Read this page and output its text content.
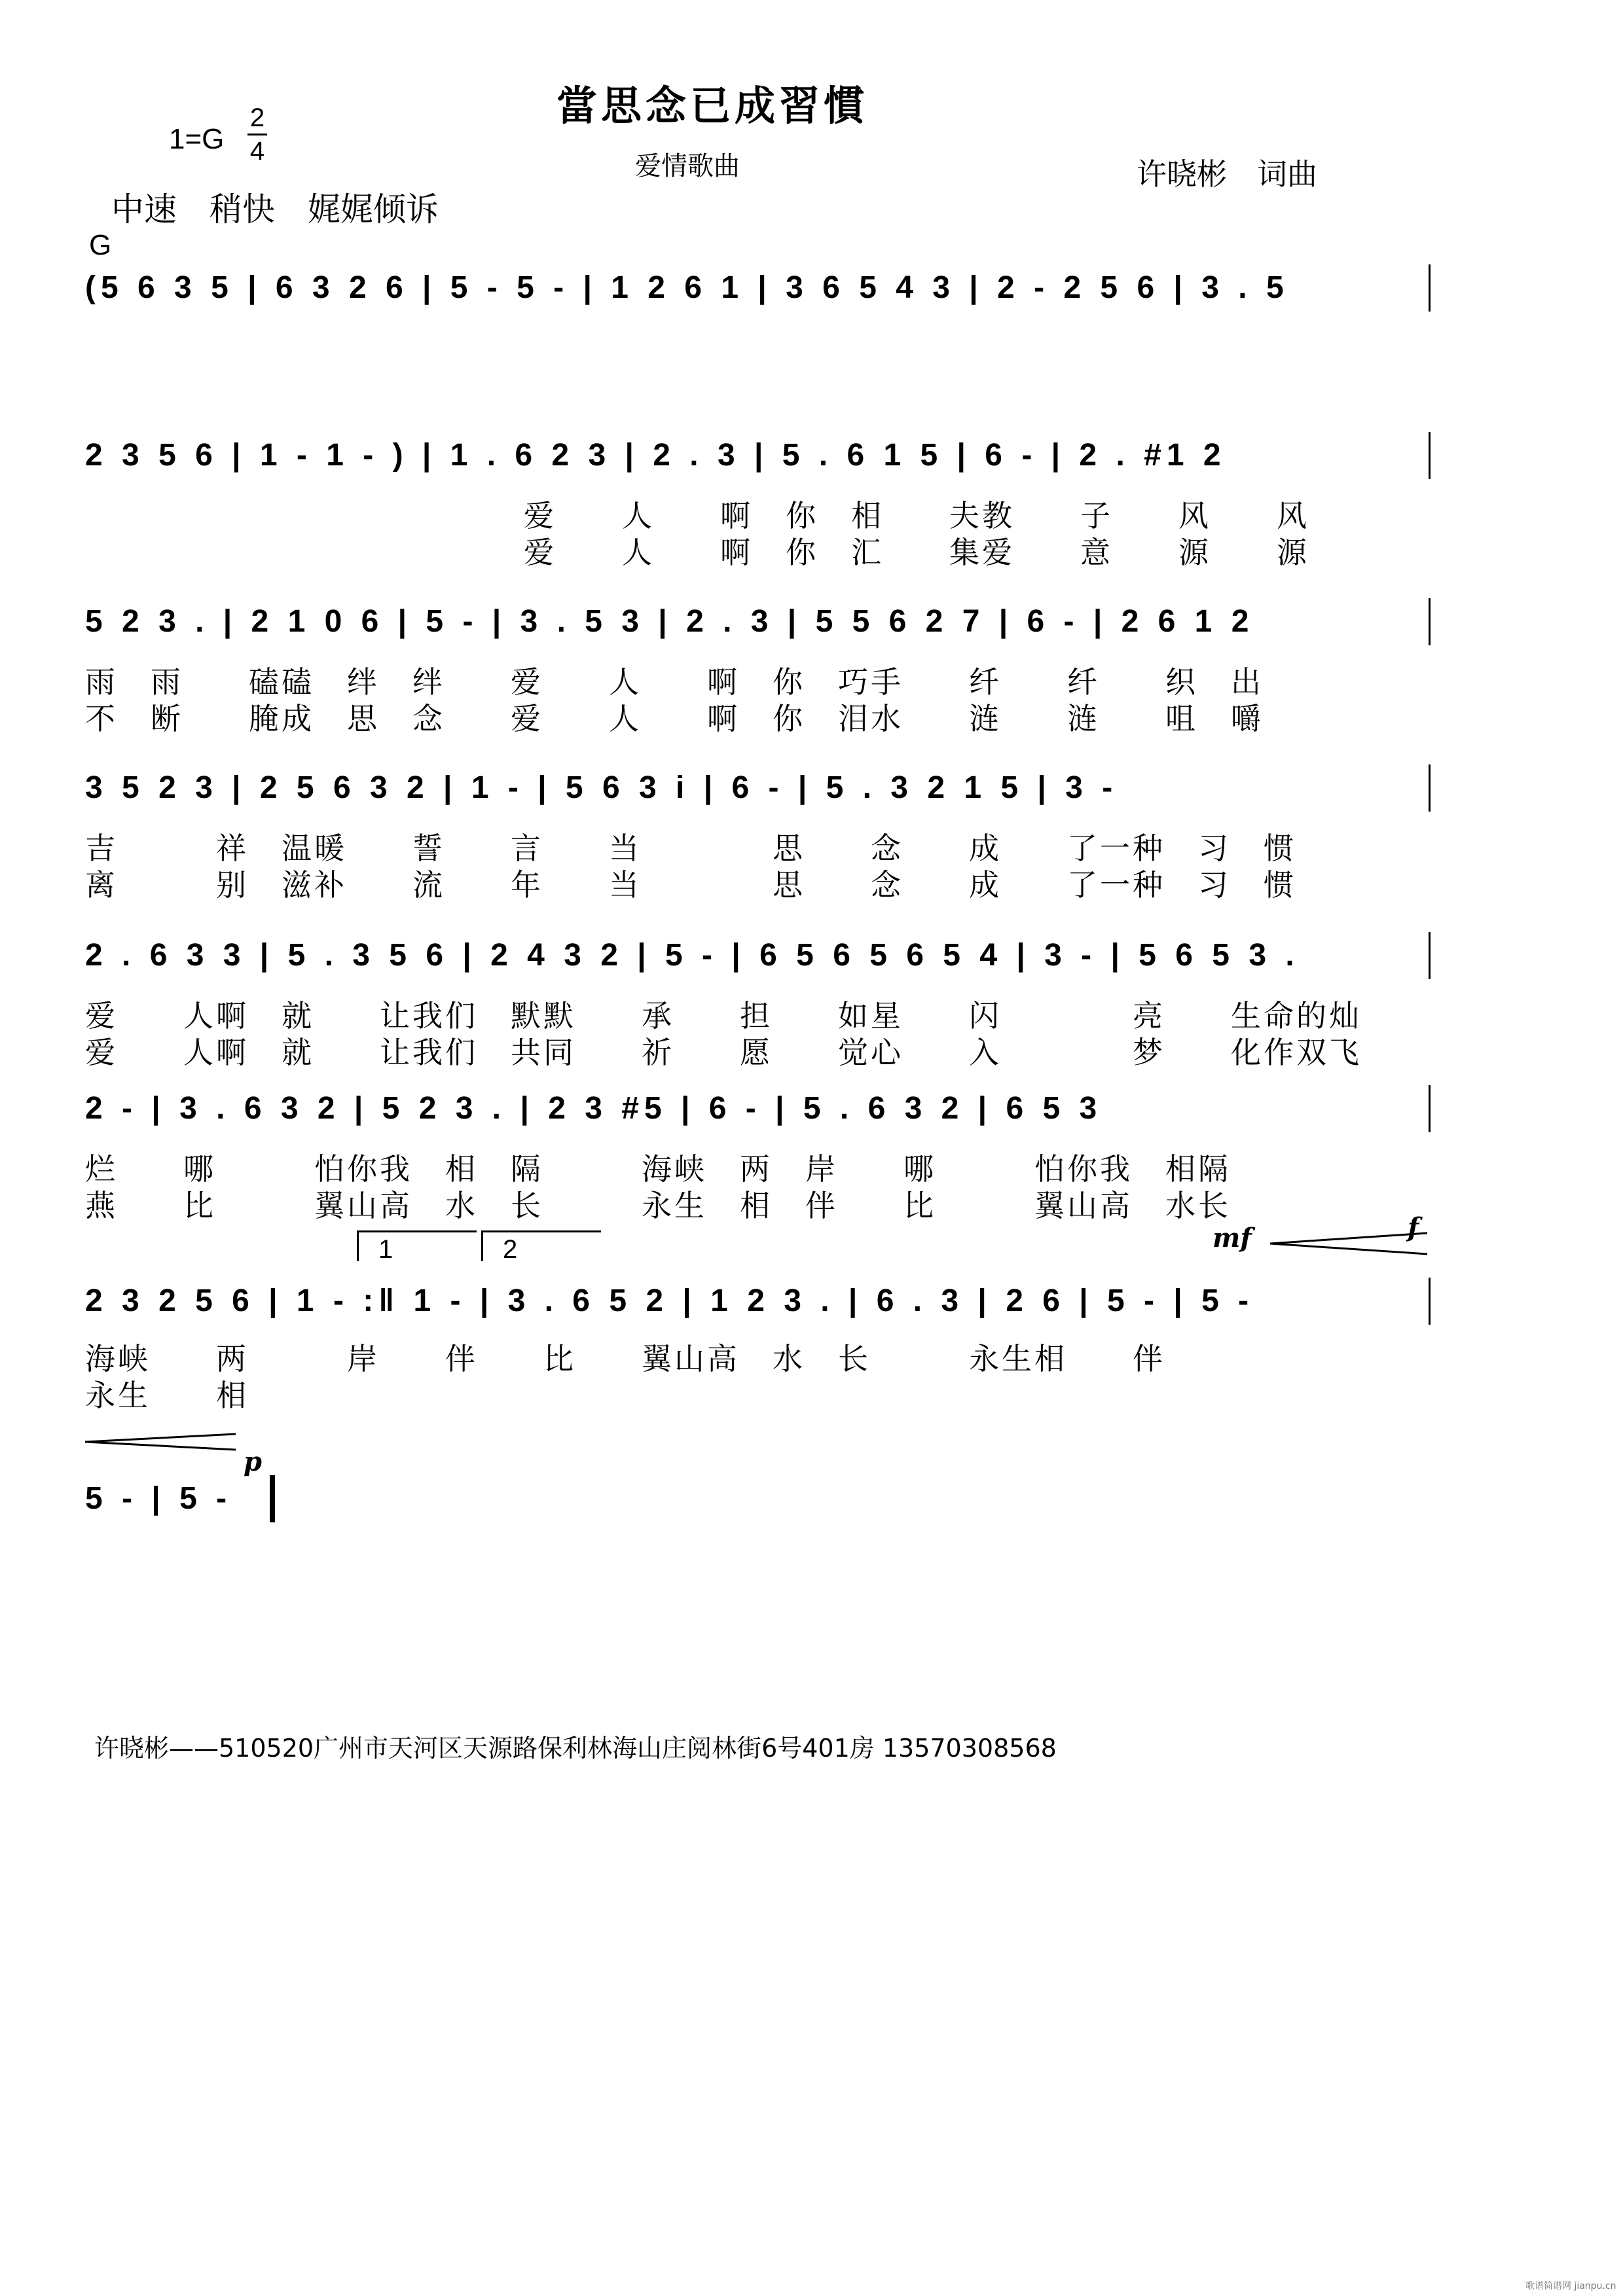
當思念已成習慣
1=G
2
4	爱情歌曲	许晓彬　词曲
中速　稍快　娓娓倾诉
G
(5 6 3 5 | 6 3 2 6 | 5 - 5 - | 1 2 6 1 | 3 6 5 4 3 | 2 - 2 5 6 | 3 . 5
2 3 5 6 | 1 - 1 - ) | 1 . 6 2 3 | 2 . 3 | 5 . 6 1 5 | 6 - | 2 . #1 2
爱　　人　　啊　你　相　　夫教　　子　　风　　风
爱　　人　　啊　你　汇　　集爱　　意　　源　　源
5 2 3 . | 2 1 0 6 | 5 - | 3 . 5 3 | 2 . 3 | 5 5 6 2 7 | 6 - | 2 6 1 2
雨　雨　　磕磕　绊　绊　　爱　　人　　啊　你　巧手　　纤　　纤　　织　出
不　断　　腌成　思　念　　爱　　人　　啊　你　泪水　　涟　　涟　　咀　嚼
3 5 2 3 | 2 5 6 3 2 | 1 - | 5 6 3 i | 6 - | 5 . 3 2 1 5 | 3 -
吉　　　祥　温暖　　誓　　言　　当　　　　思　　念　　成　　了一种　习　惯
离　　　别　滋补　　流　　年　　当　　　　思　　念　　成　　了一种　习　惯
2 . 6 3 3 | 5 . 3 5 6 | 2 4 3 2 | 5 - | 6 5 6 5 6 5 4 | 3 - | 5 6 5 3 .
爱　　人啊　就　　让我们　默默　　承　　担　　如星　　闪　　　　亮　　生命的灿
爱　　人啊　就　　让我们　共同　　祈　　愿　　觉心　　入　　　　梦　　化作双飞
2 - | 3 . 6 3 2 | 5 2 3 . | 2 3 #5 | 6 - | 5 . 6 3 2 | 6 5 3
烂　　哪　　　怕你我　相　隔　　　海峡　两　岸　　哪　　　怕你我　相隔
燕　　比　　　翼山高　水　长　　　永生　相　伴　　比　　　翼山高　水长
1	2	mf	f
2 3 2 5 6 | 1 - :‖ 1 - | 3 . 6 5 2 | 1 2 3 . | 6 . 3 | 2 6 | 5 - | 5 -
海峡　　两　　　岸　　伴　　比　　翼山高　水　长　　　永生相　　伴
永生　　相
5 - | 5 -
p
许晓彬——510520广州市天河区天源路保利林海山庄阅林街6号401房 13570308568
歌谱简谱网 jianpu.cn
